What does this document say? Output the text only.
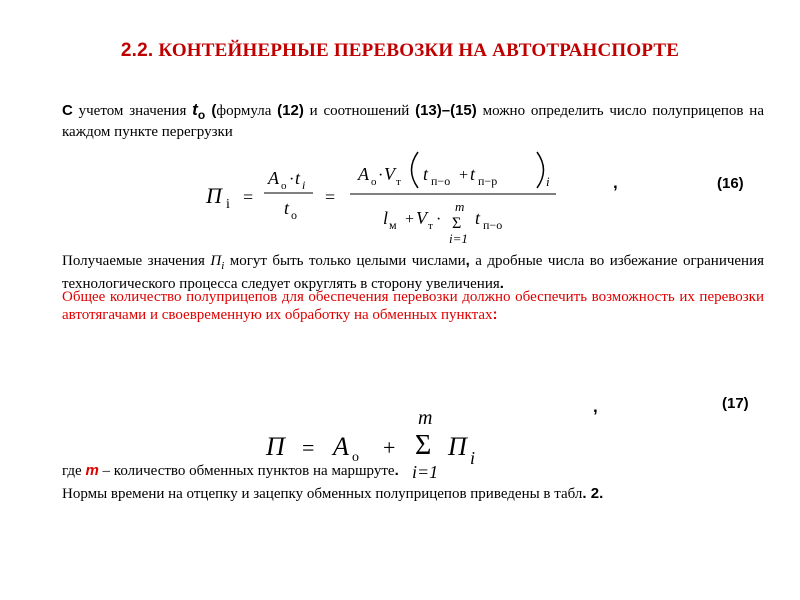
2.2. КОНТЕЙНЕРНЫЕ ПЕРЕВОЗКИ НА АВТОТРАНСПОРТЕ
С учетом значения $t_о$ (формула (12) и соотношений (13)–(15) можно определить число полуприцепов на каждом пункте перегрузки
П i =
A o · t i
t o
=
A o · V т t п−о + t п−р	i
l м + V т ·
m
Σ
i=1
t п−о
,	(16)
,	(17)
П = A o +
m
Σ
i=1
П i
Получаемые значения $П_i$ могут быть только целыми числами, а дробные числа во избежание ограничения технологического процесса следует округлять в сторону увеличения.
Общее количество полуприцепов для обеспечения перевозки должно обеспечить возможность их перевозки автотягачами и своевременную их обработку на обменных пунктах:
где m – количество обменных пунктов на маршруте.
Нормы времени на отцепку и зацепку обменных полуприцепов приведены в табл. 2.
